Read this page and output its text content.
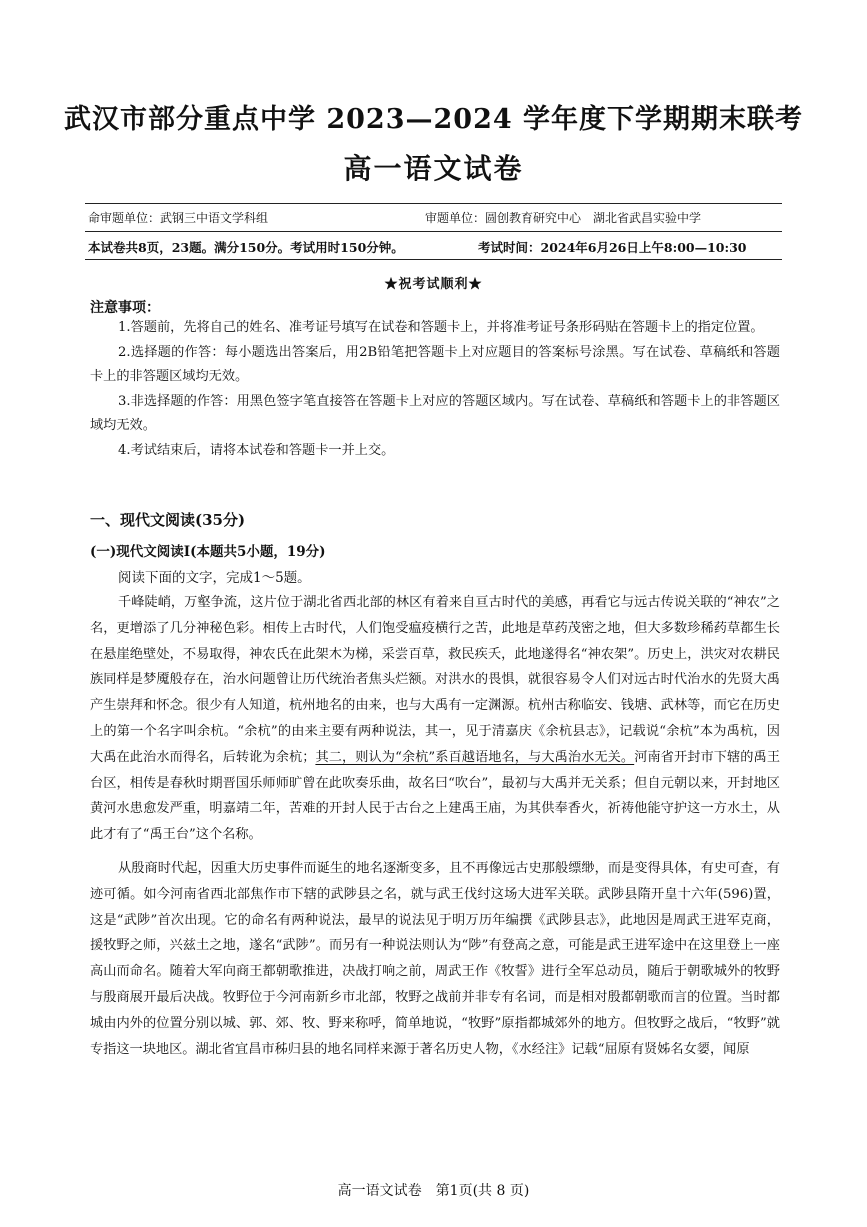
武汉市部分重点中学 2023—2024 学年度下学期期末联考
高一语文试卷
命审题单位：武钢三中语文学科组	审题单位：圆创教育研究中心　湖北省武昌实验中学
本试卷共8页，23题。满分150分。考试用时150分钟。	考试时间：2024年6月26日上午8:00—10:30
★祝考试顺利★
注意事项：

1.答题前，先将自己的姓名、准考证号填写在试卷和答题卡上，并将准考证号条形码贴在答题卡上的指定位置。

2.选择题的作答：每小题选出答案后，用2B铅笔把答题卡上对应题目的答案标号涂黑。写在试卷、草稿纸和答题卡上的非答题区域均无效。

3.非选择题的作答：用黑色签字笔直接答在答题卡上对应的答题区域内。写在试卷、草稿纸和答题卡上的非答题区域均无效。

4.考试结束后，请将本试卷和答题卡一并上交。

一、现代文阅读(35分)
(一)现代文阅读Ⅰ(本题共5小题，19分)
阅读下面的文字，完成1～5题。

千峰陡峭，万壑争流，这片位于湖北省西北部的林区有着来自亘古时代的美感，再看它与远古传说关联的“神农”之名，更增添了几分神秘色彩。相传上古时代，人们饱受瘟疫横行之苦，此地是草药茂密之地，但大多数珍稀药草都生长在悬崖绝壁处，不易取得，神农氏在此架木为梯，采尝百草，救民疾夭，此地遂得名“神农架”。历史上，洪灾对农耕民族同样是梦魇般存在，治水问题曾让历代统治者焦头烂额。对洪水的畏惧，就很容易令人们对远古时代治水的先贤大禹产生崇拜和怀念。很少有人知道，杭州地名的由来，也与大禹有一定渊源。杭州古称临安、钱塘、武林等，而它在历史上的第一个名字叫余杭。“余杭”的由来主要有两种说法，其一，见于清嘉庆《余杭县志》，记载说“余杭”本为禹杭，因大禹在此治水而得名，后转讹为余杭；其二，则认为“余杭”系百越语地名，与大禹治水无关。河南省开封市下辖的禹王台区，相传是春秋时期晋国乐师师旷曾在此吹奏乐曲，故名曰“吹台”，最初与大禹并无关系；但自元朝以来，开封地区黄河水患愈发严重，明嘉靖二年，苦难的开封人民于古台之上建禹王庙，为其供奉香火，祈祷他能守护这一方水土，从此才有了“禹王台”这个名称。

从殷商时代起，因重大历史事件而诞生的地名逐渐变多，且不再像远古史那般缥缈，而是变得具体，有史可查，有迹可循。如今河南省西北部焦作市下辖的武陟县之名，就与武王伐纣这场大进军关联。武陟县隋开皇十六年(596)置，这是“武陟”首次出现。它的命名有两种说法，最早的说法见于明万历年编撰《武陟县志》，此地因是周武王进军克商，援牧野之师，兴兹土之地，遂名“武陟”。而另有一种说法则认为“陟”有登高之意，可能是武王进军途中在这里登上一座高山而命名。随着大军向商王都朝歌推进，决战打响之前，周武王作《牧誓》进行全军总动员，随后于朝歌城外的牧野与殷商展开最后决战。牧野位于今河南新乡市北部，牧野之战前并非专有名词，而是相对殷都朝歌而言的位置。当时都城由内外的位置分别以城、郭、郊、牧、野来称呼，简单地说，“牧野”原指都城郊外的地方。但牧野之战后，“牧野”就专指这一块地区。湖北省宜昌市秭归县的地名同样来源于著名历史人物，《水经注》记载“屈原有贤姊名女媭，闻原

高一语文试卷　第1页(共 8 页)
